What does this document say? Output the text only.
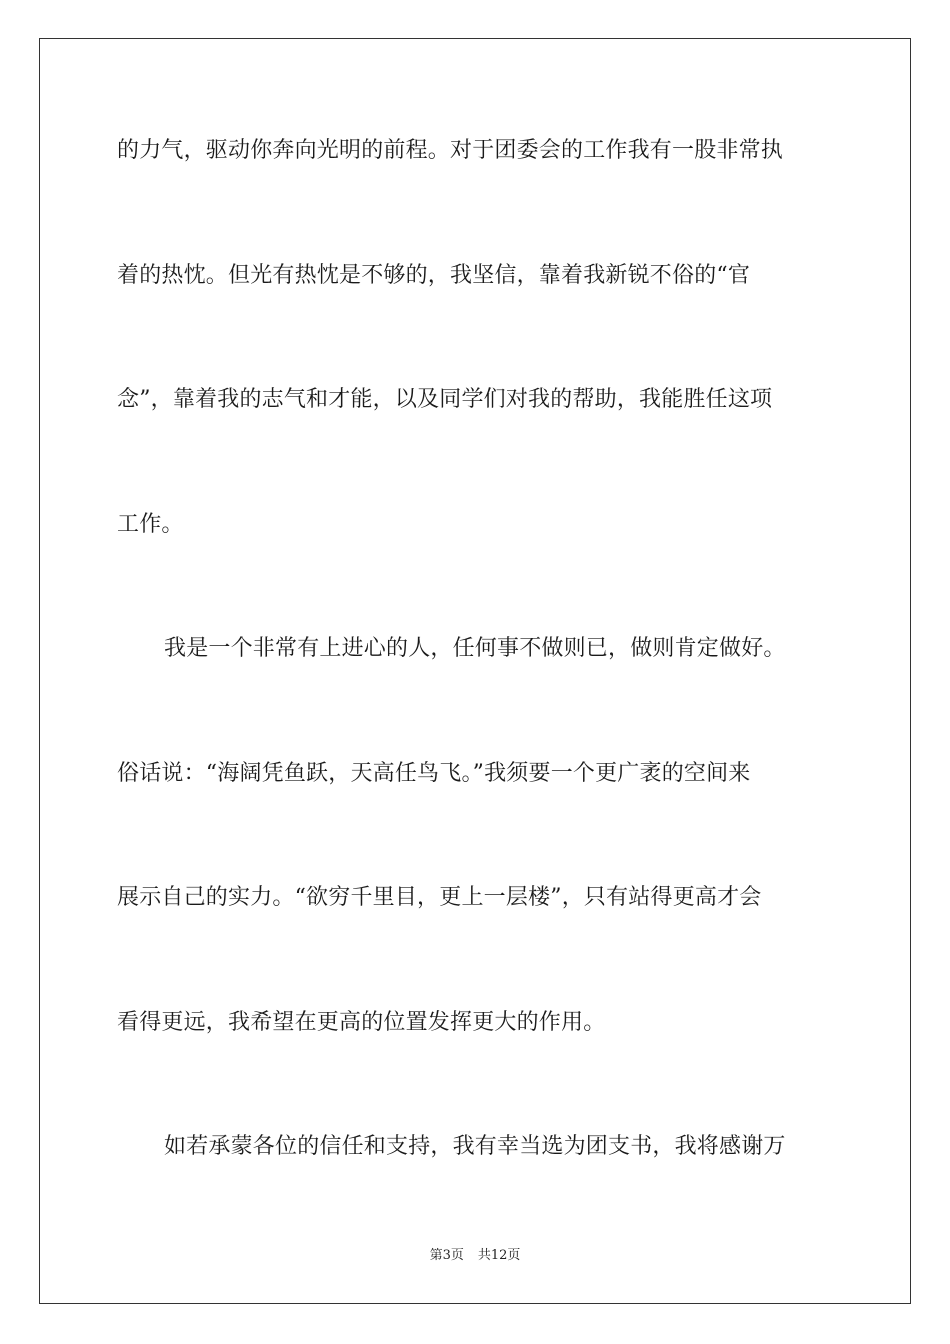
的力气，驱动你奔向光明的前程。对于团委会的工作我有一股非常执
着的热忱。但光有热忱是不够的，我坚信，靠着我新锐不俗的“官
念”，靠着我的志气和才能，以及同学们对我的帮助，我能胜任这项
工作。
我是一个非常有上进心的人，任何事不做则已，做则肯定做好。
俗话说：“海阔凭鱼跃，天高任鸟飞。”我须要一个更广袤的空间来
展示自己的实力。“欲穷千里目，更上一层楼”，只有站得更高才会
看得更远，我希望在更高的位置发挥更大的作用。
如若承蒙各位的信任和支持，我有幸当选为团支书，我将感谢万
第3页 共12页
